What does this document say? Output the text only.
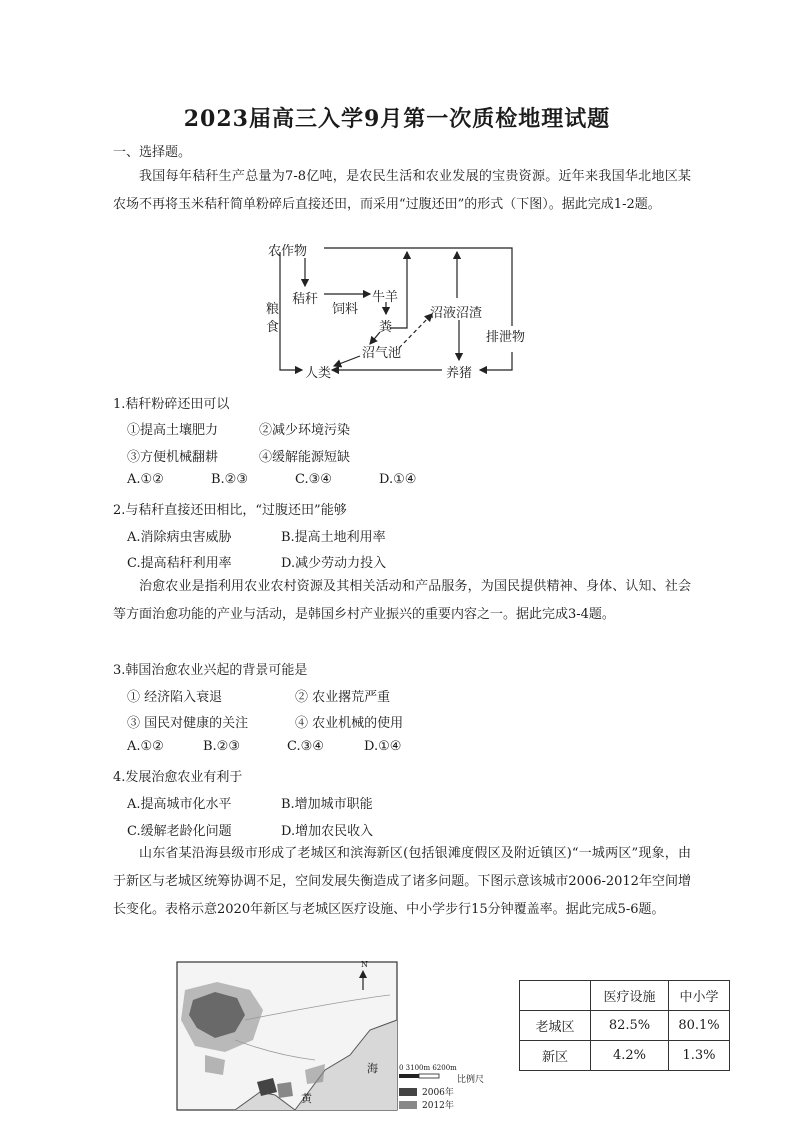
2023届高三入学9月第一次质检地理试题
一、选择题。

我国每年秸秆生产总量为7-8亿吨，是农民生活和农业发展的宝贵资源。近年来我国华北地区某农场不再将玉米秸秆简单粉碎后直接还田，而采用“过腹还田”的形式（下图）。据此完成1-2题。

农作物
秸秆
饲料
牛羊
粪
沼气池
沼液沼渣
排泄物
粮
食
人类	养猪
1.秸秆粉碎还田可以
①提高土壤肥力	②减少环境污染
③方便机械翻耕	④缓解能源短缺
A.①②	B.②③	C.③④	D.①④
2.与秸秆直接还田相比，“过腹还田”能够
A.消除病虫害威胁	B.提高土地利用率
C.提高秸秆利用率	D.减少劳动力投入

治愈农业是指利用农业农村资源及其相关活动和产品服务，为国民提供精神、身体、认知、社会等方面治愈功能的产业与活动，是韩国乡村产业振兴的重要内容之一。据此完成3-4题。

3.韩国治愈农业兴起的背景可能是
① 经济陷入衰退	② 农业撂荒严重
③ 国民对健康的关注	④ 农业机械的使用
A.①②	B.②③	C.③④	D.①④
4.发展治愈农业有利于
A.提高城市化水平	B.增加城市职能
C.缓解老龄化问题	D.增加农民收入

山东省某沿海县级市形成了老城区和滨海新区(包括银滩度假区及附近镇区)“一城两区”现象，由于新区与老城区统筹协调不足，空间发展失衡造成了诸多问题。下图示意该城市2006-2012年空间增长变化。表格示意2020年新区与老城区医疗设施、中小学步行15分钟覆盖率。据此完成5-6题。

N
海
黄
0 3100m 6200m
比例尺
2006年
2012年
	医疗设施	中小学
老城区	82.5%	80.1%
新区	4.2%	1.3%
